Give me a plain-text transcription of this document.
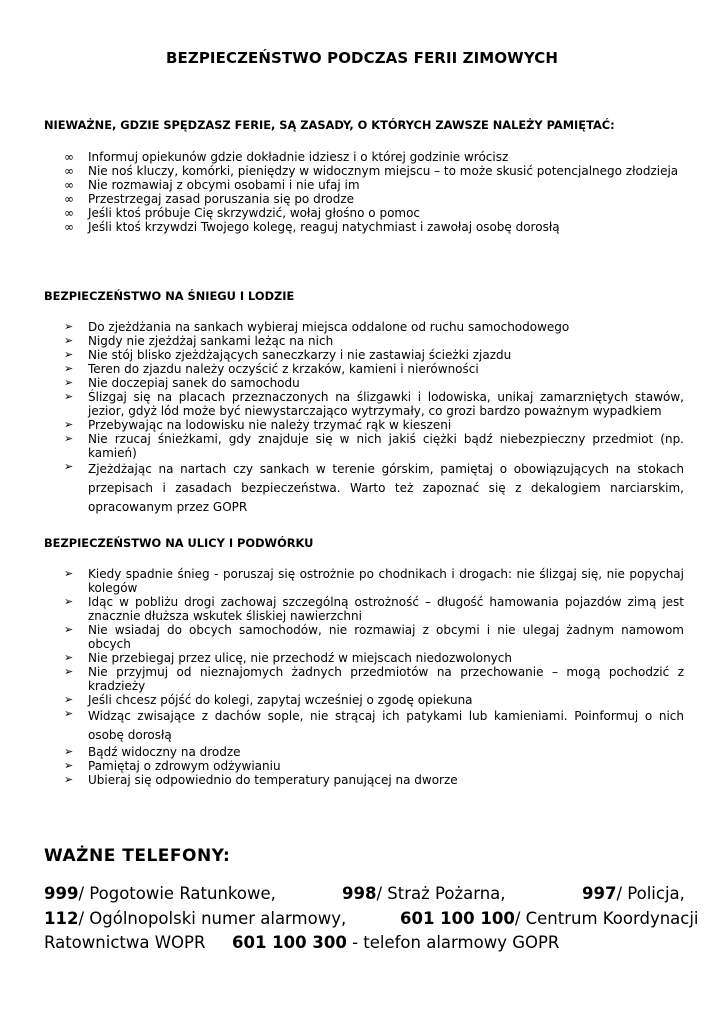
BEZPIECZEŃSTWO PODCZAS FERII ZIMOWYCH
NIEWAŻNE, GDZIE SPĘDZASZ FERIE, SĄ ZASADY, O KTÓRYCH ZAWSZE NALEŻY PAMIĘTAĆ:
∞ Informuj opiekunów gdzie dokładnie idziesz i o której godzinie wrócisz
∞ Nie noś kluczy, komórki, pieniędzy w widocznym miejscu – to może skusić potencjalnego złodzieja
∞ Nie rozmawiaj z obcymi osobami i nie ufaj im
∞ Przestrzegaj zasad poruszania się po drodze
∞ Jeśli ktoś próbuje Cię skrzywdzić, wołaj głośno o pomoc
∞ Jeśli ktoś krzywdzi Twojego kolegę, reaguj natychmiast i zawołaj osobę dorosłą
BEZPIECZEŃSTWO NA ŚNIEGU I LODZIE
➢ Do zjeżdżania na sankach wybieraj miejsca oddalone od ruchu samochodowego
➢ Nigdy nie zjeżdżaj sankami leżąc na nich
➢ Nie stój blisko zjeżdżających saneczkarzy i nie zastawiaj ścieżki zjazdu
➢ Teren do zjazdu należy oczyścić z krzaków, kamieni i nierówności
➢ Nie doczepiaj sanek do samochodu
➢ Ślizgaj się na placach przeznaczonych na ślizgawki i lodowiska, unikaj zamarzniętych stawów, jezior, gdyż lód może być niewystarczająco wytrzymały, co grozi bardzo poważnym wypadkiem
➢ Przebywając na lodowisku nie należy trzymać rąk w kieszeni
➢ Nie rzucaj śnieżkami, gdy znajduje się w nich jakiś ciężki bądź niebezpieczny przedmiot (np. kamień)
➢ Zjeżdżając na nartach czy sankach w terenie górskim, pamiętaj o obowiązujących na stokach przepisach i zasadach bezpieczeństwa. Warto też zapoznać się z dekalogiem narciarskim, opracowanym przez GOPR
BEZPIECZEŃSTWO NA ULICY I PODWÓRKU
➢ Kiedy spadnie śnieg - poruszaj się ostrożnie po chodnikach i drogach: nie ślizgaj się, nie popychaj kolegów
➢ Idąc w pobliżu drogi zachowaj szczególną ostrożność – długość hamowania pojazdów zimą jest znacznie dłuższa wskutek śliskiej nawierzchni
➢ Nie wsiadaj do obcych samochodów, nie rozmawiaj z obcymi i nie ulegaj żadnym namowom obcych
➢ Nie przebiegaj przez ulicę, nie przechodź w miejscach niedozwolonych
➢ Nie przyjmuj od nieznajomych żadnych przedmiotów na przechowanie – mogą pochodzić z kradzieży
➢ Jeśli chcesz pójść do kolegi, zapytaj wcześniej o zgodę opiekuna
➢ Widząc zwisające z dachów sople, nie strącaj ich patykami lub kamieniami. Poinformuj o nich osobę dorosłą
➢ Bądź widoczny na drodze
➢ Pamiętaj o zdrowym odżywianiu
➢ Ubieraj się odpowiednio do temperatury panującej na dworze
WAŻNE TELEFONY:
999/ Pogotowie Ratunkowe,	998/ Straż Pożarna,	997/ Policja,
112/ Ogólnopolski numer alarmowy,	601 100 100/ Centrum Koordynacji
Ratownictwa WOPR 601 100 300 - telefon alarmowy GOPR
